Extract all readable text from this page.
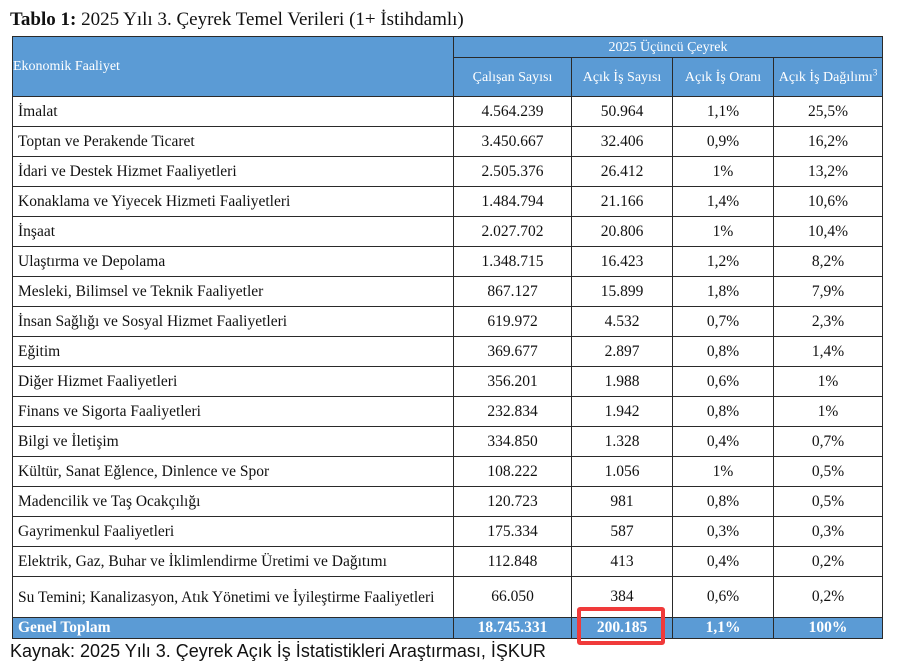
Tablo 1: 2025 Yılı 3. Çeyrek Temel Verileri (1+ İstihdamlı)
Ekonomik Faaliyet	2025 Üçüncü Çeyrek			
	Çalışan Sayısı	Açık İş Sayısı	Açık İş Oranı	Açık İş Dağılımı$^3$
İmalat	4.564.239	50.964	1,1%	25,5%
Toptan ve Perakende Ticaret	3.450.667	32.406	0,9%	16,2%
İdari ve Destek Hizmet Faaliyetleri	2.505.376	26.412	1%	13,2%
Konaklama ve Yiyecek Hizmeti Faaliyetleri	1.484.794	21.166	1,4%	10,6%
İnşaat	2.027.702	20.806	1%	10,4%
Ulaştırma ve Depolama	1.348.715	16.423	1,2%	8,2%
Mesleki, Bilimsel ve Teknik Faaliyetler	867.127	15.899	1,8%	7,9%
İnsan Sağlığı ve Sosyal Hizmet Faaliyetleri	619.972	4.532	0,7%	2,3%
Eğitim	369.677	2.897	0,8%	1,4%
Diğer Hizmet Faaliyetleri	356.201	1.988	0,6%	1%
Finans ve Sigorta Faaliyetleri	232.834	1.942	0,8%	1%
Bilgi ve İletişim	334.850	1.328	0,4%	0,7%
Kültür, Sanat Eğlence, Dinlence ve Spor	108.222	1.056	1%	0,5%
Madencilik ve Taş Ocakçılığı	120.723	981	0,8%	0,5%
Gayrimenkul Faaliyetleri	175.334	587	0,3%	0,3%
Elektrik, Gaz, Buhar ve İklimlendirme Üretimi ve Dağıtımı	112.848	413	0,4%	0,2%
Su Temini; Kanalizasyon, Atık Yönetimi ve İyileştirme Faaliyetleri	66.050	384	0,6%	0,2%
Genel Toplam	18.745.331	200.185	1,1%	100%
Kaynak: 2025 Yılı 3. Çeyrek Açık İş İstatistikleri Araştırması, İŞKUR
